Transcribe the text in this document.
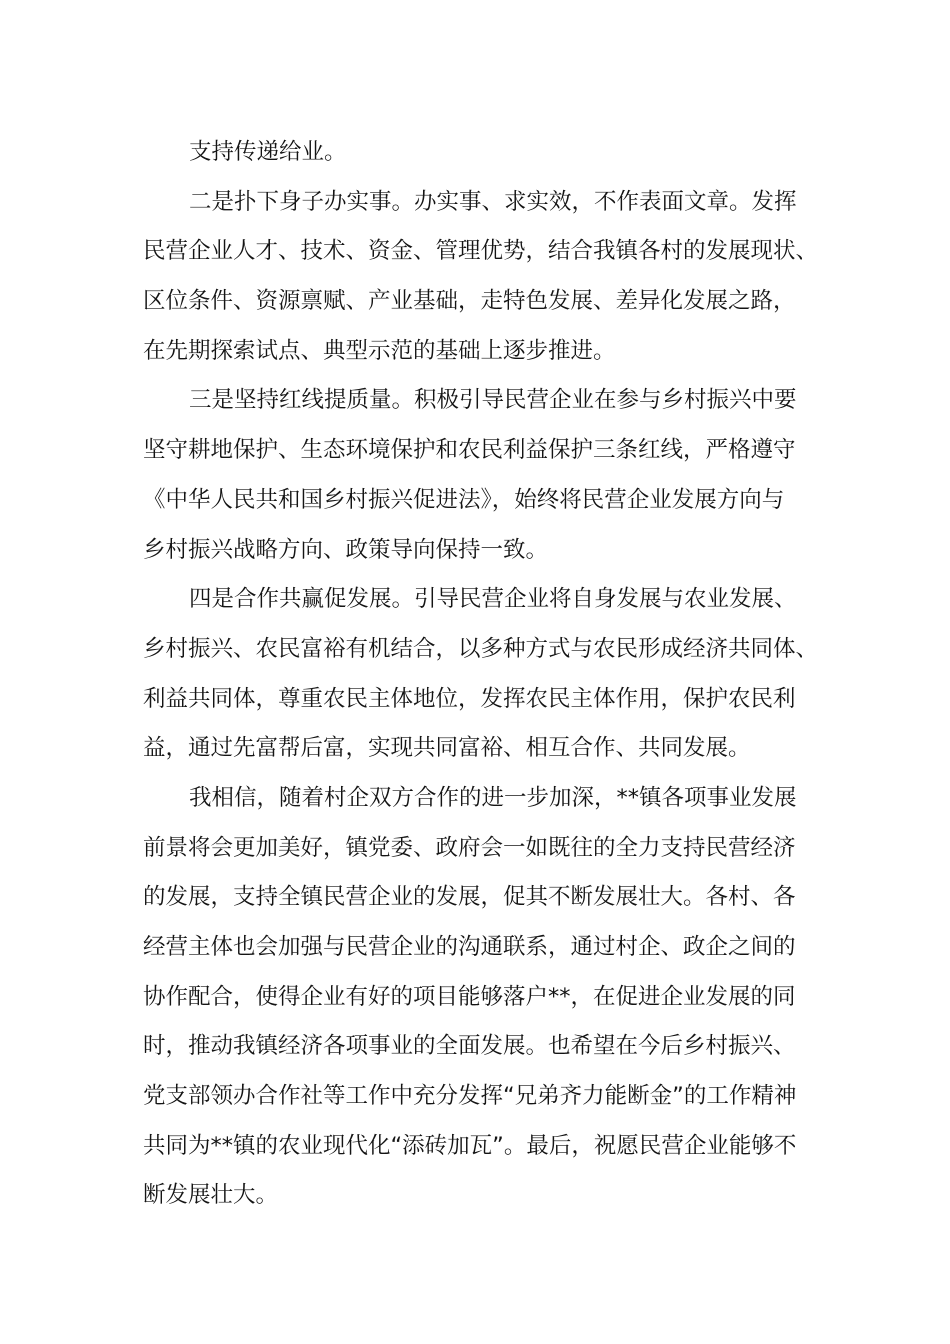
支持传递给业。
二是扑下身子办实事。办实事、求实效，不作表面文章。发挥
民营企业人才、技术、资金、管理优势，结合我镇各村的发展现状、
区位条件、资源禀赋、产业基础，走特色发展、差异化发展之路，
在先期探索试点、典型示范的基础上逐步推进。
三是坚持红线提质量。积极引导民营企业在参与乡村振兴中要
坚守耕地保护、生态环境保护和农民利益保护三条红线，严格遵守
《中华人民共和国乡村振兴促进法》，始终将民营企业发展方向与
乡村振兴战略方向、政策导向保持一致。
四是合作共赢促发展。引导民营企业将自身发展与农业发展、
乡村振兴、农民富裕有机结合，以多种方式与农民形成经济共同体、
利益共同体，尊重农民主体地位，发挥农民主体作用，保护农民利
益，通过先富帮后富，实现共同富裕、相互合作、共同发展。
我相信，随着村企双方合作的进一步加深，**镇各项事业发展
前景将会更加美好，镇党委、政府会一如既往的全力支持民营经济
的发展，支持全镇民营企业的发展，促其不断发展壮大。各村、各
经营主体也会加强与民营企业的沟通联系，通过村企、政企之间的
协作配合，使得企业有好的项目能够落户**，在促进企业发展的同
时，推动我镇经济各项事业的全面发展。也希望在今后乡村振兴、
党支部领办合作社等工作中充分发挥“兄弟齐力能断金”的工作精神
共同为**镇的农业现代化“添砖加瓦”。最后，祝愿民营企业能够不
断发展壮大。
